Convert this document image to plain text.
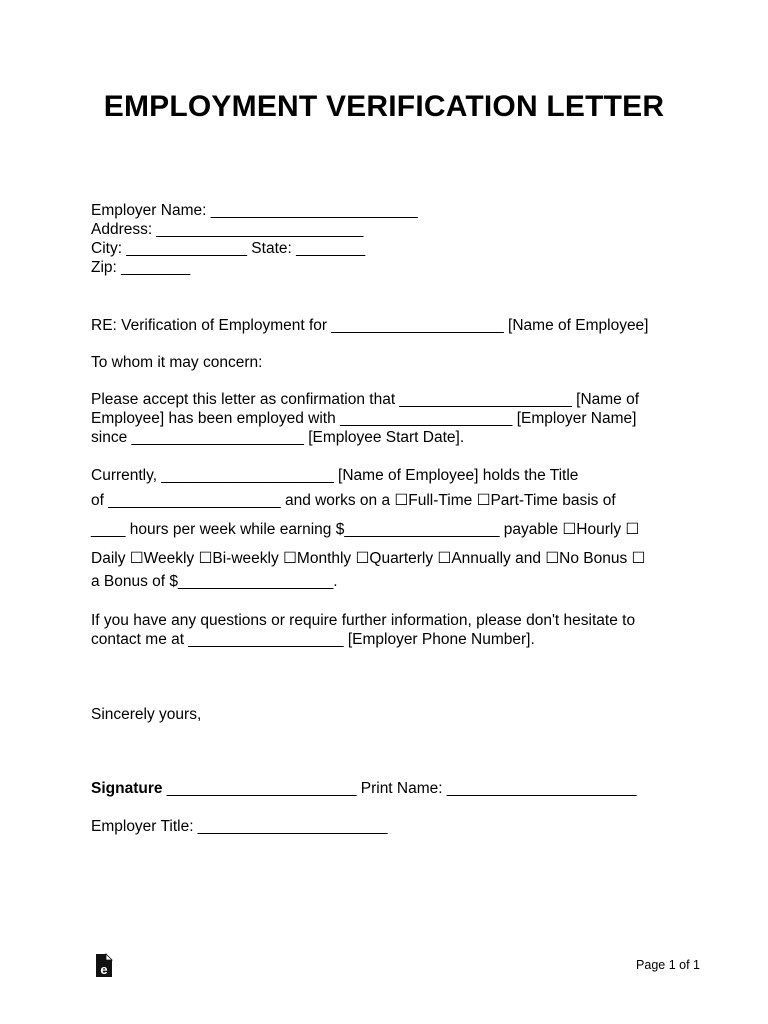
EMPLOYMENT VERIFICATION LETTER
Employer Name: ________________________
Address: ________________________
City: ______________ State: ________
Zip: ________
RE: Verification of Employment for ____________________ [Name of Employee]
To whom it may concern:
Please accept this letter as confirmation that ____________________ [Name of
Employee] has been employed with ____________________ [Employer Name]
since ____________________ [Employee Start Date].
Currently, ____________________ [Name of Employee] holds the Title
of ____________________ and works on a ☐Full-Time ☐Part-Time basis of
____ hours per week while earning $__________________ payable ☐Hourly ☐
Daily ☐Weekly ☐Bi-weekly ☐Monthly ☐Quarterly ☐Annually and ☐No Bonus ☐
a Bonus of $__________________.
If you have any questions or require further information, please don't hesitate to
contact me at __________________ [Employer Phone Number].
Sincerely yours,
Signature ______________________ Print Name: ______________________
Employer Title: ______________________
e	Page 1 of 1
